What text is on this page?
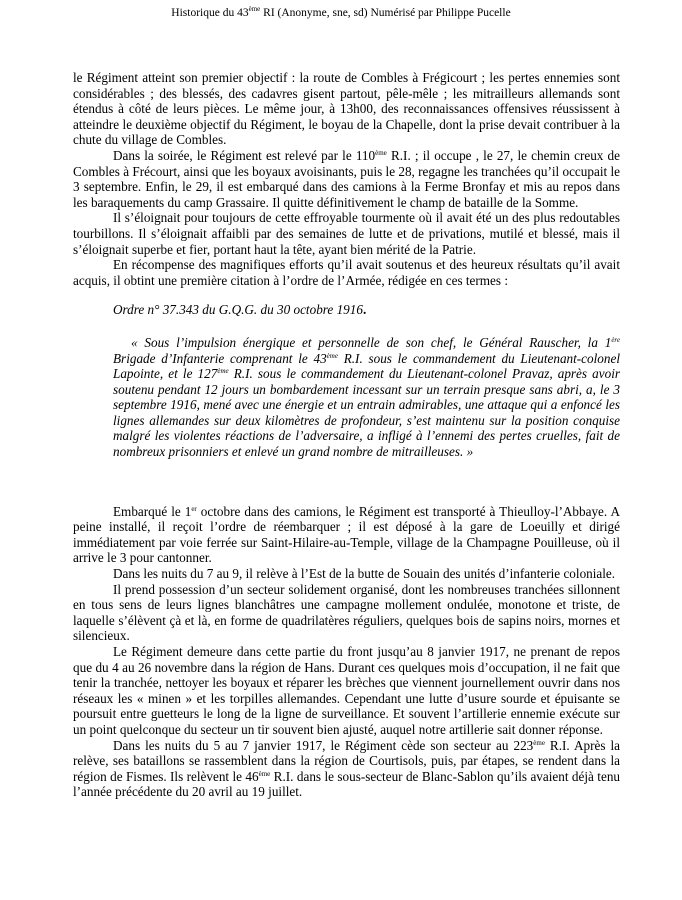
Historique du 43ème RI (Anonyme, sne, sd) Numérisé par Philippe Pucelle

le Régiment atteint son premier objectif : la route de Combles à Frégicourt ; les pertes ennemies sont considérables ; des blessés, des cadavres gisent partout, pêle-mêle ; les mitrailleurs allemands sont étendus à côté de leurs pièces. Le même jour, à 13h00, des reconnaissances offensives réussissent à atteindre le deuxième objectif du Régiment, le boyau de la Chapelle, dont la prise devait contribuer à la chute du village de Combles.

Dans la soirée, le Régiment est relevé par le 110ème R.I. ; il occupe , le 27, le chemin creux de Combles à Frécourt, ainsi que les boyaux avoisinants, puis le 28, regagne les tranchées qu’il occupait le 3 septembre. Enfin, le 29, il est embarqué dans des camions à la Ferme Bronfay et mis au repos dans les baraquements du camp Grassaire. Il quitte définitivement le champ de bataille de la Somme.

Il s’éloignait pour toujours de cette effroyable tourmente où il avait été un des plus redoutables tourbillons. Il s’éloignait affaibli par des semaines de lutte et de privations, mutilé et blessé, mais il s’éloignait superbe et fier, portant haut la tête, ayant bien mérité de la Patrie.

En récompense des magnifiques efforts qu’il avait soutenus et des heureux résultats qu’il avait acquis, il obtint une première citation à l’ordre de l’Armée, rédigée en ces termes :

Ordre n° 37.343 du G.Q.G. du 30 octobre 1916.

« Sous l’impulsion énergique et personnelle de son chef, le Général Rauscher, la 1ère Brigade d’Infanterie comprenant le 43ème R.I. sous le commandement du Lieutenant-colonel Lapointe, et le 127ème R.I. sous le commandement du Lieutenant-colonel Pravaz, après avoir soutenu pendant 12 jours un bombardement incessant sur un terrain presque sans abri, a, le 3 septembre 1916, mené avec une énergie et un entrain admirables, une attaque qui a enfoncé les lignes allemandes sur deux kilomètres de profondeur, s’est maintenu sur la position conquise malgré les violentes réactions de l’adversaire, a infligé à l’ennemi des pertes cruelles, fait de nombreux prisonniers et enlevé un grand nombre de mitrailleuses. »

Embarqué le 1er octobre dans des camions, le Régiment est transporté à Thieulloy-l’Abbaye. A peine installé, il reçoit l’ordre de réembarquer ; il est déposé à la gare de Loeuilly et dirigé immédiatement par voie ferrée sur Saint-Hilaire-au-Temple, village de la Champagne Pouilleuse, où il arrive le 3 pour cantonner.

Dans les nuits du 7 au 9, il relève à l’Est de la butte de Souain des unités d’infanterie coloniale.

Il prend possession d’un secteur solidement organisé, dont les nombreuses tranchées sillonnent en tous sens de leurs lignes blanchâtres une campagne mollement ondulée, monotone et triste, de laquelle s’élèvent çà et là, en forme de quadrilatères réguliers, quelques bois de sapins noirs, mornes et silencieux.

Le Régiment demeure dans cette partie du front jusqu’au 8 janvier 1917, ne prenant de repos que du 4 au 26 novembre dans la région de Hans. Durant ces quelques mois d’occupation, il ne fait que tenir la tranchée, nettoyer les boyaux et réparer les brèches que viennent journellement ouvrir dans nos réseaux les « minen » et les torpilles allemandes. Cependant une lutte d’usure sourde et épuisante se poursuit entre guetteurs le long de la ligne de surveillance. Et souvent l’artillerie ennemie exécute sur un point quelconque du secteur un tir souvent bien ajusté, auquel notre artillerie sait donner réponse.

Dans les nuits du 5 au 7 janvier 1917, le Régiment cède son secteur au 223ème R.I. Après la relève, ses bataillons se rassemblent dans la région de Courtisols, puis, par étapes, se rendent dans la région de Fismes. Ils relèvent le 46ème R.I. dans le sous-secteur de Blanc-Sablon qu’ils avaient déjà tenu l’année précédente du 20 avril au 19 juillet.
